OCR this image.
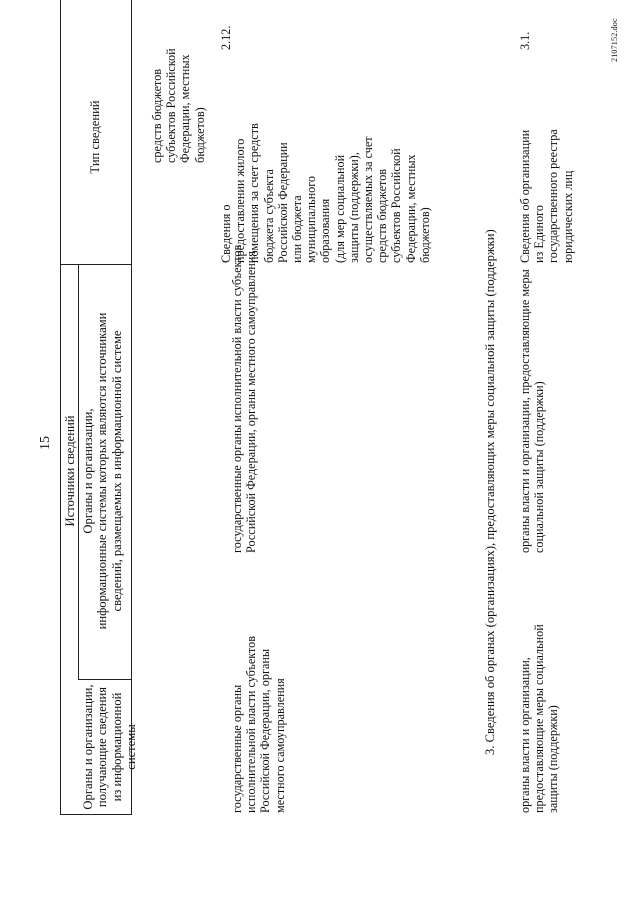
15
Тип сведений
Источники сведений Органы и организации, информационные системы которых являются источниками сведений, размещаемых в информационной системе
Органы и организации, получающие сведения из информационной системы
средств бюджетов субъектов Российской Федерации, местных бюджетов)
2.12.
Сведения о предоставлении жилого помещения за счет средств бюджета субъекта Российской Федерации или бюджета муниципального образования (для мер социальной защиты (поддержки), осуществляемых за счет средств бюджетов субъектов Российской Федерации, местных бюджетов)
государственные органы исполнительной власти субъектов Российской Федерации, органы местного самоуправления
государственные органы исполнительной власти субъектов Российской Федерации, органы местного самоуправления	3. Сведения об органах (организациях), предоставляющих меры социальной защиты (поддержки)
3.1.
Сведения об организации из Единого государственного реестра юридических лиц
органы власти и организации, предоставляющие меры социальной защиты (поддержки)
органы власти и организации, предоставляющие меры социальной защиты (поддержки)
2107152.doc
